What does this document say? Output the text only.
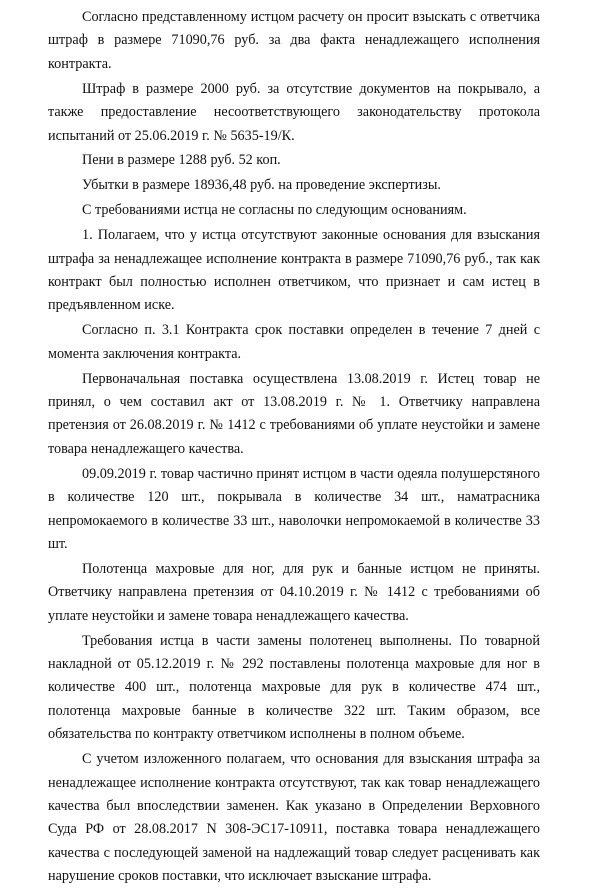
Согласно представленному истцом расчету он просит взыскать с ответчика штраф в размере 71090,76 руб. за два факта ненадлежащего исполнения контракта.

Штраф в размере 2000 руб. за отсутствие документов на покрывало, а также предоставление несоответствующего законодательству протокола испытаний от 25.06.2019 г. № 5635-19/К.

Пени в размере 1288 руб. 52 коп.

Убытки в размере 18936,48 руб. на проведение экспертизы.

С требованиями истца не согласны по следующим основаниям.

1. Полагаем, что у истца отсутствуют законные основания для взыскания штрафа за ненадлежащее исполнение контракта в размере 71090,76 руб., так как контракт был полностью исполнен ответчиком, что признает и сам истец в предъявленном иске.

Согласно п. 3.1 Контракта срок поставки определен в течение 7 дней с момента заключения контракта.

Первоначальная поставка осуществлена 13.08.2019 г. Истец товар не принял, о чем составил акт от 13.08.2019 г. № 1. Ответчику направлена претензия от 26.08.2019 г. № 1412 с требованиями об уплате неустойки и замене товара ненадлежащего качества.

09.09.2019 г. товар частично принят истцом в части одеяла полушерстяного в количестве 120 шт., покрывала в количестве 34 шт., наматрасника непромокаемого в количестве 33 шт., наволочки непромокаемой в количестве 33 шт.

Полотенца махровые для ног, для рук и банные истцом не приняты. Ответчику направлена претензия от 04.10.2019 г. № 1412 с требованиями об уплате неустойки и замене товара ненадлежащего качества.

Требования истца в части замены полотенец выполнены. По товарной накладной от 05.12.2019 г. № 292 поставлены полотенца махровые для ног в количестве 400 шт., полотенца махровые для рук в количестве 474 шт., полотенца махровые банные в количестве 322 шт. Таким образом, все обязательства по контракту ответчиком исполнены в полном объеме.

С учетом изложенного полагаем, что основания для взыскания штрафа за ненадлежащее исполнение контракта отсутствуют, так как товар ненадлежащего качества был впоследствии заменен. Как указано в Определении Верховного Суда РФ от 28.08.2017 N 308-ЭС17-10911, поставка товара ненадлежащего качества с последующей заменой на надлежащий товар следует расценивать как нарушение сроков поставки, что исключает взыскание штрафа.
